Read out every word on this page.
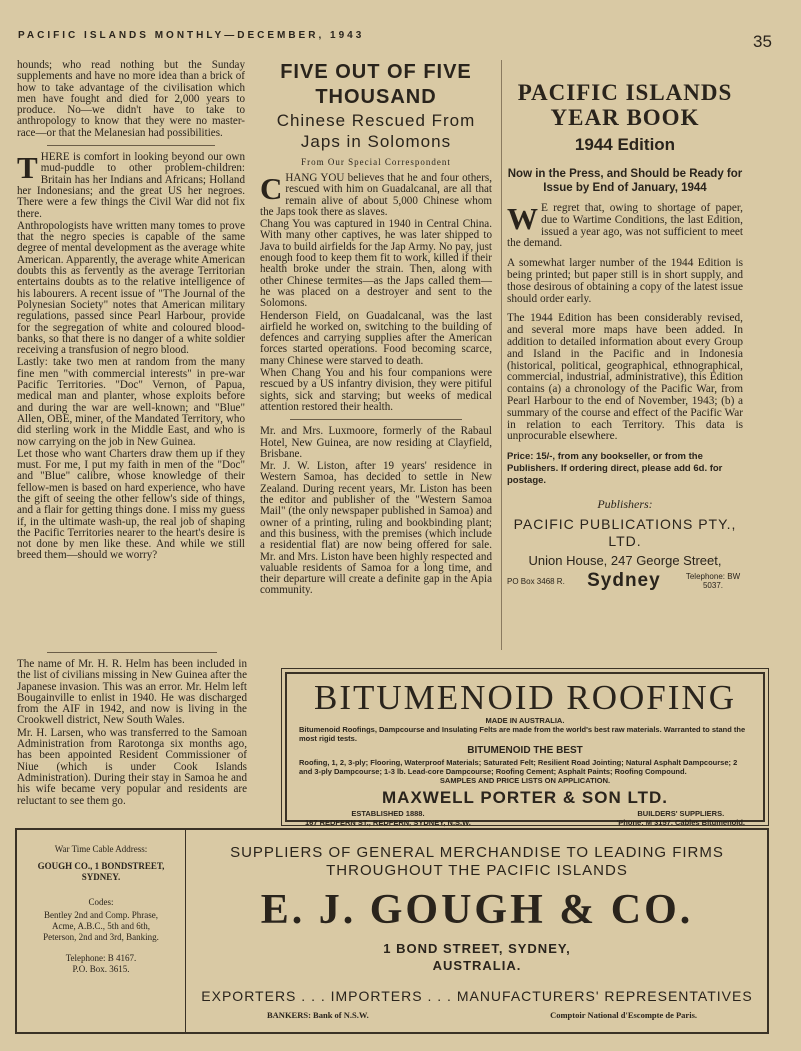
PACIFIC ISLANDS MONTHLY—DECEMBER, 1943	35

hounds; who read nothing but the Sunday supplements and have no more idea than a brick of how to take advantage of the civilisation which men have fought and died for 2,000 years to produce. No—we didn't have to take to anthropology to know that they were no master-race—or that the Melanesian had possibilities.

THERE is comfort in looking beyond our own mud-puddle to other problem-children: Britain has her Indians and Africans; Holland her Indonesians; and the great US her negroes. There were a few things the Civil War did not fix there.

Anthropologists have written many tomes to prove that the negro species is capable of the same degree of mental development as the average white American. Apparently, the average white American doubts this as fervently as the average Territorian entertains doubts as to the relative intelligence of his labourers. A recent issue of "The Journal of the Polynesian Society" notes that American military regulations, passed since Pearl Harbour, provide for the segregation of white and coloured blood-banks, so that there is no danger of a white soldier receiving a transfusion of negro blood.

Lastly: take two men at random from the many fine men "with commercial interests" in pre-war Pacific Territories. "Doc" Vernon, of Papua, medical man and planter, whose exploits before and during the war are well-known; and "Blue" Allen, OBE, miner, of the Mandated Territory, who did sterling work in the Middle East, and who is now carrying on the job in New Guinea.

Let those who want Charters draw them up if they must. For me, I put my faith in men of the "Doc" and "Blue" calibre, whose knowledge of their fellow-men is based on hard experience, who have the gift of seeing the other fellow's side of things, and a flair for getting things done. I miss my guess if, in the ultimate wash-up, the real job of shaping the Pacific Territories nearer to the heart's desire is not done by men like these. And while we still breed them—should we worry?

The name of Mr. H. R. Helm has been included in the list of civilians missing in New Guinea after the Japanese invasion. This was an error. Mr. Helm left Bougainville to enlist in 1940. He was discharged from the AIF in 1942, and now is living in the Crookwell district, New South Wales.

Mr. H. Larsen, who was transferred to the Samoan Administration from Rarotonga six months ago, has been appointed Resident Commissioner of Niue (which is under Cook Islands Administration). During their stay in Samoa he and his wife became very popular and residents are reluctant to see them go.

FIVE OUT OF FIVE THOUSAND
Chinese Rescued From Japs in Solomons
From Our Special Correspondent

CHANG YOU believes that he and four others, rescued with him on Guadalcanal, are all that remain alive of about 5,000 Chinese whom the Japs took there as slaves.

Chang You was captured in 1940 in Central China. With many other captives, he was later shipped to Java to build airfields for the Jap Army. No pay, just enough food to keep them fit to work, killed if their health broke under the strain. Then, along with other Chinese termites—as the Japs called them—he was placed on a destroyer and sent to the Solomons.

Henderson Field, on Guadalcanal, was the last airfield he worked on, switching to the building of defences and carrying supplies after the American forces started operations. Food becoming scarce, many Chinese were starved to death.

When Chang You and his four companions were rescued by a US infantry division, they were pitiful sights, sick and starving; but weeks of medical attention restored their health.

Mr. and Mrs. Luxmoore, formerly of the Rabaul Hotel, New Guinea, are now residing at Clayfield, Brisbane.

Mr. J. W. Liston, after 19 years' residence in Western Samoa, has decided to settle in New Zealand. During recent years, Mr. Liston has been the editor and publisher of the "Western Samoa Mail" (the only newspaper published in Samoa) and owner of a printing, ruling and bookbinding plant; and this business, with the premises (which include a residential flat) are now being offered for sale. Mr. and Mrs. Liston have been highly respected and valuable residents of Samoa for a long time, and their departure will create a definite gap in the Apia community.

PACIFIC ISLANDS YEAR BOOK
1944 Edition
Now in the Press, and Should be Ready for Issue by End of January, 1944

W E regret that, owing to shortage of paper, due to Wartime Conditions, the last Edition, issued a year ago, was not sufficient to meet the demand.

A somewhat larger number of the 1944 Edition is being printed; but paper still is in short supply, and those desirous of obtaining a copy of the latest issue should order early.

The 1944 Edition has been considerably revised, and several more maps have been added. In addition to detailed information about every Group and Island in the Pacific and in Indonesia (historical, political, geographical, ethnographical, commercial, industrial, administrative), this Edition contains (a) a chronology of the Pacific War, from Pearl Harbour to the end of November, 1943; (b) a summary of the course and effect of the Pacific War in relation to each Territory. This data is unprocurable elsewhere.

Price: 15/-, from any bookseller, or from the Publishers. If ordering direct, please add 6d. for postage.
Publishers:
PACIFIC PUBLICATIONS PTY., LTD.
Union House, 247 George Street,
PO Box 3468 R. Sydney	Telephone: BW 5037.
BITUMENOID ROOFING
MADE IN AUSTRALIA.
Bitumenoid Roofings, Dampcourse and Insulating Felts are made from the world's best raw materials. Warranted to stand the most rigid tests.
BITUMENOID THE BEST
Roofing, 1, 2, 3-ply; Flooring, Waterproof Materials; Saturated Felt; Resilient Road Jointing; Natural Asphalt Dampcourse; 2 and 3-ply Dampcourse; 1-3 lb. Lead-core Dampcourse; Roofing Cement; Asphalt Paints; Roofing Compound.
SAMPLES AND PRICE LISTS ON APPLICATION.
MAXWELL PORTER & SON LTD.
ESTABLISHED 1888.
167 REDFERN ST., REDFERN, SYDNEY, N.S.W.
BUILDERS' SUPPLIERS.
'Phone: M 3157. Cables Bitumenoid.
War Time Cable Address:
GOUGH CO., 1 BONDSTREET, SYDNEY.
Codes:
Bentley 2nd and Comp. Phrase, Acme, A.B.C., 5th and 6th, Peterson, 2nd and 3rd, Banking.
Telephone: B 4167.
P.O. Box. 3615.
SUPPLIERS OF GENERAL MERCHANDISE TO LEADING FIRMS THROUGHOUT THE PACIFIC ISLANDS
E. J. GOUGH & CO.
1 BOND STREET, SYDNEY,
AUSTRALIA.
EXPORTERS . . . IMPORTERS . . . MANUFACTURERS' REPRESENTATIVES
BANKERS: Bank of N.S.W.	Comptoir National d'Escompte de Paris.
